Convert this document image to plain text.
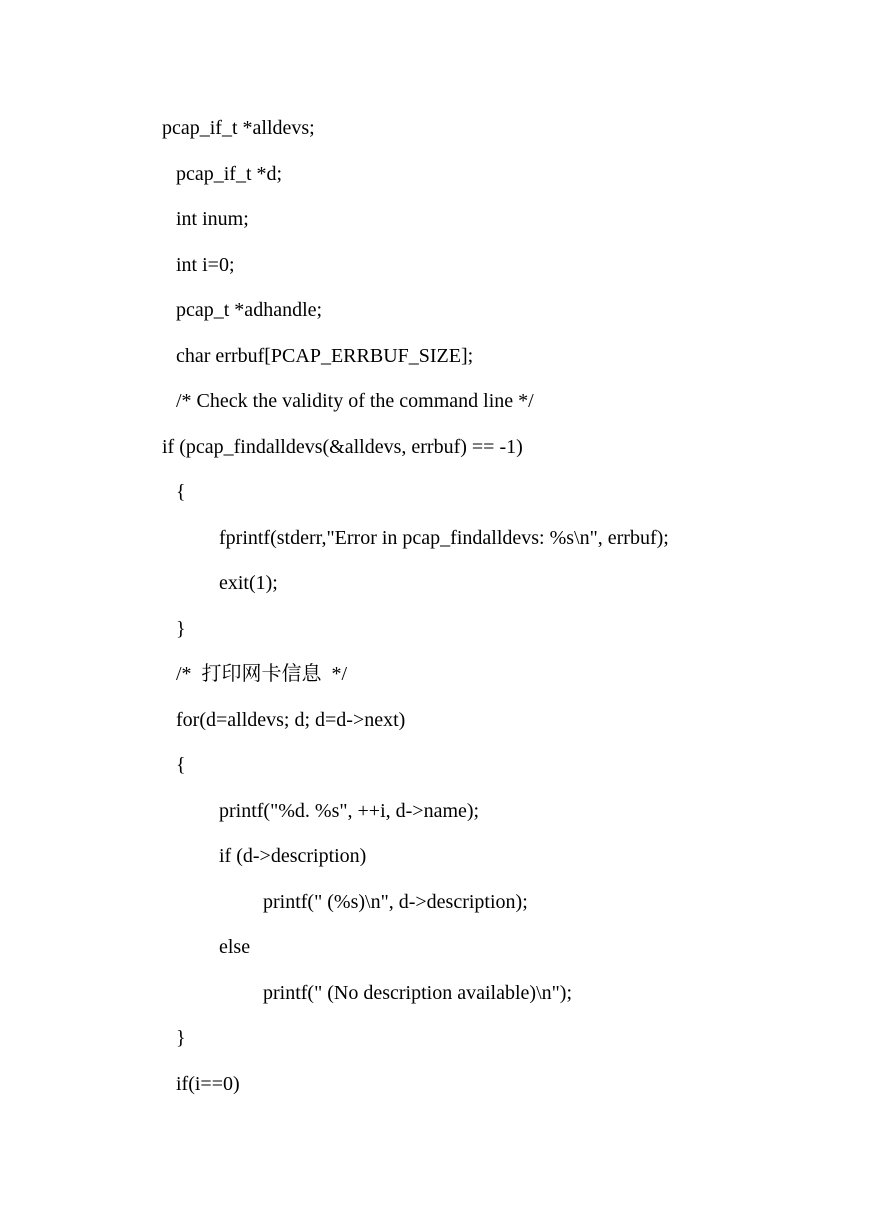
pcap_if_t *alldevs;

pcap_if_t *d;

int inum;

int i=0;

pcap_t *adhandle;

char errbuf[PCAP_ERRBUF_SIZE];

/* Check the validity of the command line */

if (pcap_findalldevs(&alldevs, errbuf) == -1)

{

fprintf(stderr,"Error in pcap_findalldevs: %s\n", errbuf);

exit(1);

}

/*  打印网卡信息  */

for(d=alldevs; d; d=d->next)

{

printf("%d. %s", ++i, d->name);

if (d->description)

printf(" (%s)\n", d->description);

else

printf(" (No description available)\n");

}

if(i==0)
